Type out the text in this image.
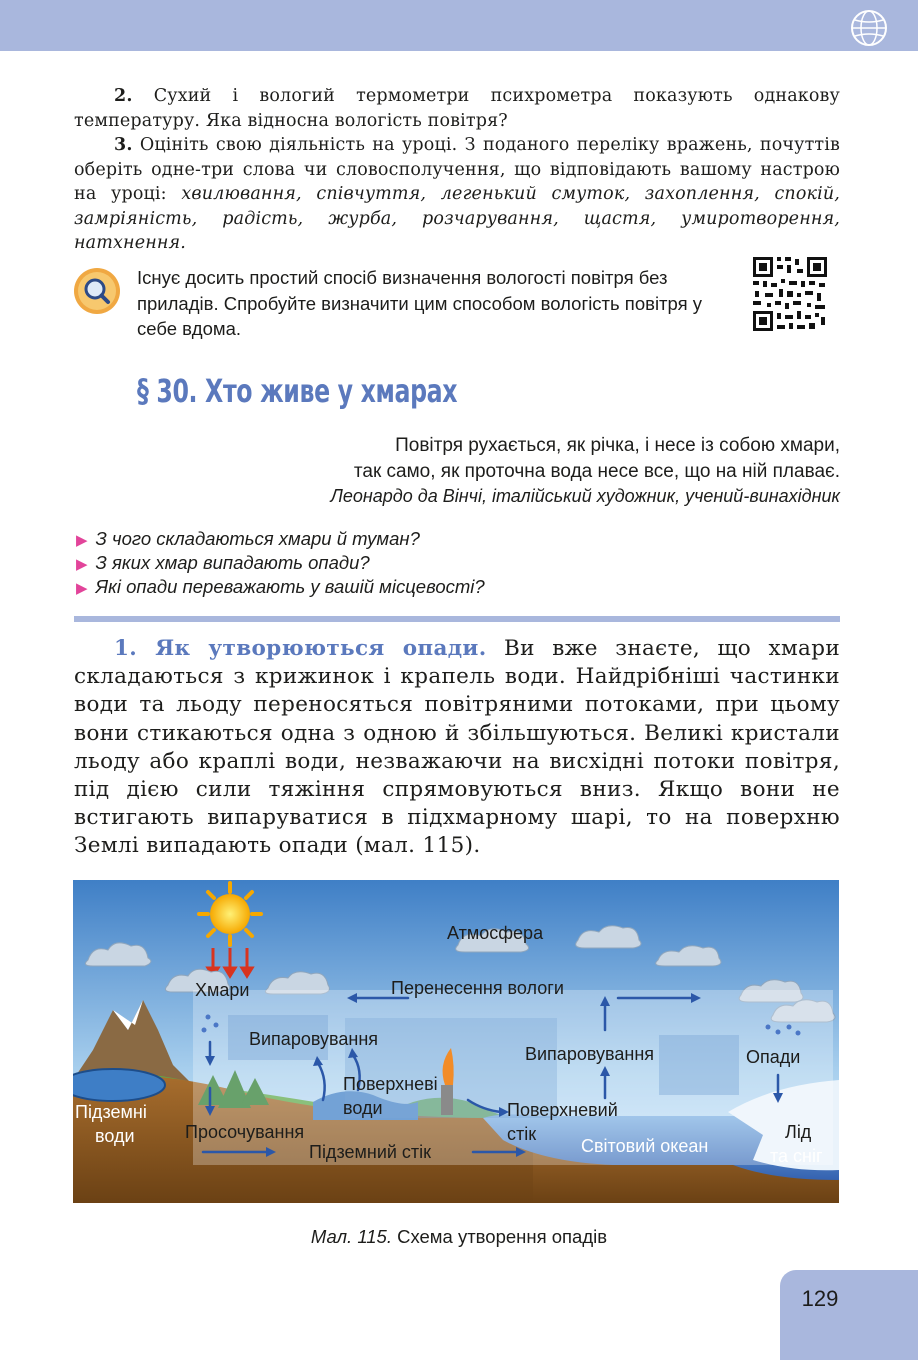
2. Сухий і вологий термометри психрометра показують однакову температуру. Яка відносна вологість повітря?

3. Оцініть свою діяльність на уроці. З поданого переліку вражень, почуттів оберіть одне-три слова чи словосполучення, що відповідають вашому настрою на уроці: хвилювання, співчуття, легенький смуток, захоплення, спокій, замріяність, радість, журба, розчарування, щастя, умиротворення, натхнення.

Існує досить простий спосіб визначення вологості повітря без приладів. Спробуйте визначити цим способом вологість повітря у себе вдома.

§ 30. Хто живе у хмарах

Повітря рухається, як річка, і несе із собою хмари,

так само, як проточна вода несе все, що на ній плаває.

Леонардо да Вінчі, італійський художник, учений-винахідник

▶ З чого складаються хмари й туман?

▶ З яких хмар випадають опади?

▶ Які опади переважають у вашій місцевості?

1. Як утворюються опади. Ви вже знаєте, що хмари складаються з крижинок і крапель води. Найдрібніші частинки води та льоду переносяться повітряними потоками, при цьому вони стикаються одна з одною й збільшуються. Великі кристали льоду або краплі води, незважаючи на висхідні потоки повітря, під дією сили тяжіння спрямовуються вниз. Якщо вони не встигають випаруватися в підхмарному шарі, то на поверхню Землі випадають опади (мал. 115).

Атмосфера
Хмари	Перенесення вологи
Випаровування
Випаровування	Опади
Поверхневі
води
Підземні
води	Просочування
Підземний стік
Поверхневий
стік
Світовий океан
Лід
та сніг

Мал. 115. Схема утворення опадів

129
